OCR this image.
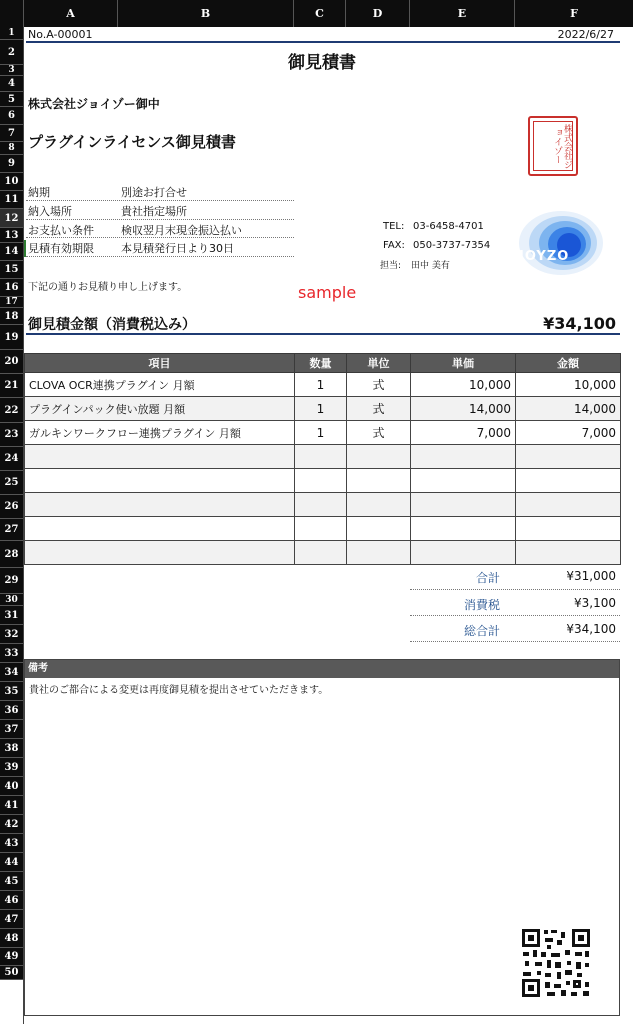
A	B	C	D	E	F
1
2
3
4
5
6
7
8
9
10
11
12
13
14
15
16
17
18
19
20
21
22
23
24
25
26
27
28
29
30
31
32
33
34
35
36
37
38
39
40
41
42
43
44
45
46
47
48
49
50
No.A-00001	2022/6/27
御見積書
株式会社ジョイゾー御中
プラグインライセンス御見積書	株式会社ジョイゾー
納期	別途お打合せ
納入場所	貴社指定場所
お支払い条件 検収翌月末現金振込払い
見積有効期限 本見積発行日より30日
TEL: 03-6458-4701
FAX: 050-3737-7354
担当: 田中 美有
JOYZO
下記の通りお見積り申し上げます。	sample
御見積金額（消費税込み）	¥34,100
項目	数量	単位	単価	金額
CLOVA OCR連携プラグイン 月額	1	式	10,000	10,000
プラグインパック使い放題 月額	1	式	14,000	14,000
ガルキンワークフロー連携プラグイン 月額	1	式	7,000	7,000

合計	¥31,000
消費税	¥3,100
総合計	¥34,100
備考
貴社のご都合による変更は再度御見積を提出させていただきます。
